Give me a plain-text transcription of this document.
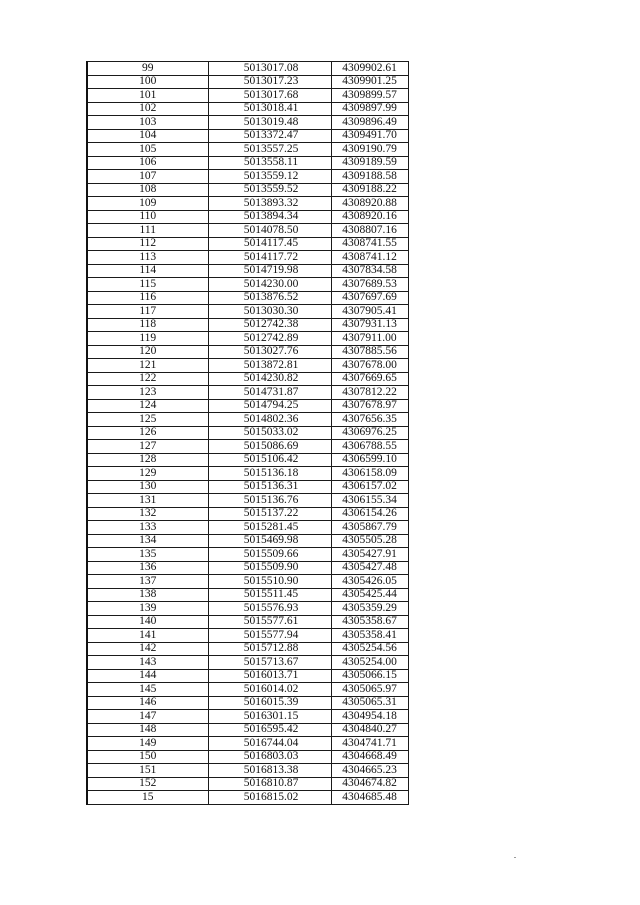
99	5013017.08	4309902.61
100	5013017.23	4309901.25
101	5013017.68	4309899.57
102	5013018.41	4309897.99
103	5013019.48	4309896.49
104	5013372.47	4309491.70
105	5013557.25	4309190.79
106	5013558.11	4309189.59
107	5013559.12	4309188.58
108	5013559.52	4309188.22
109	5013893.32	4308920.88
110	5013894.34	4308920.16
111	5014078.50	4308807.16
112	5014117.45	4308741.55
113	5014117.72	4308741.12
114	5014719.98	4307834.58
115	5014230.00	4307689.53
116	5013876.52	4307697.69
117	5013030.30	4307905.41
118	5012742.38	4307931.13
119	5012742.89	4307911.00
120	5013027.76	4307885.56
121	5013872.81	4307678.00
122	5014230.82	4307669.65
123	5014731.87	4307812.22
124	5014794.25	4307678.97
125	5014802.36	4307656.35
126	5015033.02	4306976.25
127	5015086.69	4306788.55
128	5015106.42	4306599.10
129	5015136.18	4306158.09
130	5015136.31	4306157.02
131	5015136.76	4306155.34
132	5015137.22	4306154.26
133	5015281.45	4305867.79
134	5015469.98	4305505.28
135	5015509.66	4305427.91
136	5015509.90	4305427.48
137	5015510.90	4305426.05
138	5015511.45	4305425.44
139	5015576.93	4305359.29
140	5015577.61	4305358.67
141	5015577.94	4305358.41
142	5015712.88	4305254.56
143	5015713.67	4305254.00
144	5016013.71	4305066.15
145	5016014.02	4305065.97
146	5016015.39	4305065.31
147	5016301.15	4304954.18
148	5016595.42	4304840.27
149	5016744.04	4304741.71
150	5016803.03	4304668.49
151	5016813.38	4304665.23
152	5016810.87	4304674.82
15	5016815.02	4304685.48
